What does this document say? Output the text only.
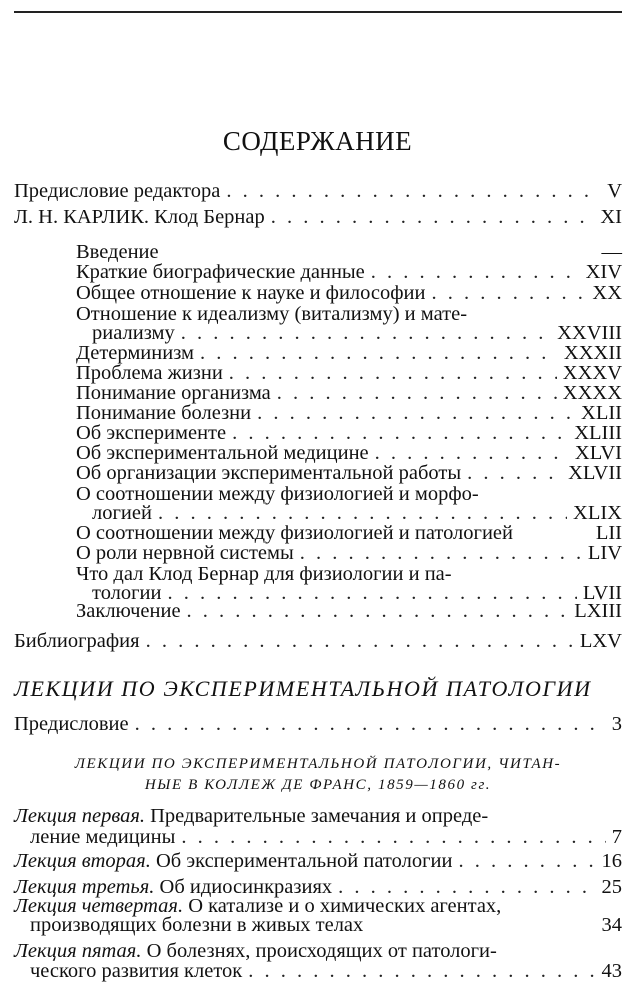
СОДЕРЖАНИЕ
Предисловие редактора . . .	V
Л. Н. КАРЛИК. Клод Бернар . . .	XI
Введение	—
Краткие биографические данные . . .	XIV
Общее отношение к науке и философии . . .	XX
Отношение к идеализму (витализму) и мате-
риализму . . .	XXVIII
Детерминизм . . .	XXXII
Проблема жизни . . .	XXXV
Понимание организма . . .	XXXX
Понимание болезни . . .	XLII
Об эксперименте . . .	XLIII
Об экспериментальной медицине . . .	XLVI
Об организации экспериментальной работы . . .	XLVII
О соотношении между физиологией и морфо-
логией . . .	XLIX
О соотношении между физиологией и патологией	LII
О роли нервной системы . . .	LIV
Что дал Клод Бернар для физиологии и па-
тологии . . .	LVII
Заключение . . .	LXIII
Библиография . . .	LXV
ЛЕКЦИИ ПО ЭКСПЕРИМЕНТАЛЬНОЙ ПАТОЛОГИИ
Предисловие . . .	3
ЛЕКЦИИ ПО ЭКСПЕРИМЕНТАЛЬНОЙ ПАТОЛОГИИ, ЧИТАН-
НЫЕ В КОЛЛЕЖ ДЕ ФРАНС, 1859—1860 гг.
Лекция первая. Предварительные замечания и опреде-
ление медицины . . .	7
Лекция вторая. Об экспериментальной патологии . . .	16
Лекция третья. Об идиосинкразиях . . .	25
Лекция четвертая. О катализе и о химических агентах,
производящих болезни в живых телах	34
Лекция пятая. О болезнях, происходящих от патологи-
ческого развития клеток . . .	43
